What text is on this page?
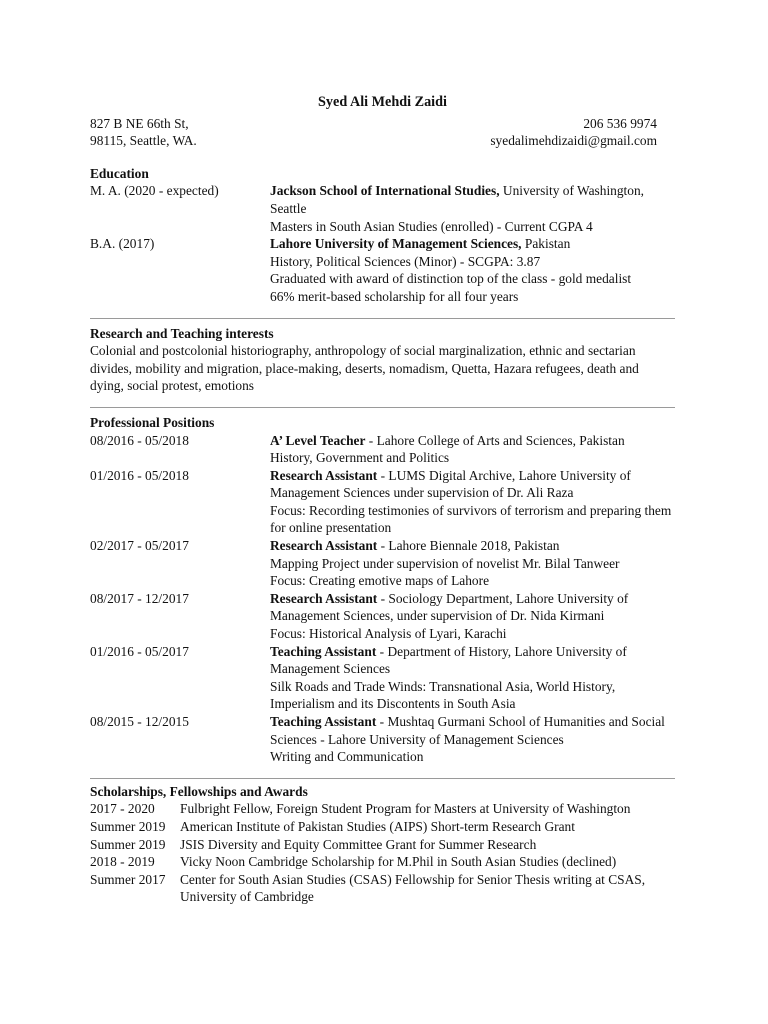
Syed Ali Mehdi Zaidi
827 B NE 66th St,
98115, Seattle, WA.
206 536 9974
syedalimehdizaidi@gmail.com
Education
M. A. (2020 - expected)	Jackson School of International Studies, University of Washington,
Seattle
Masters in South Asian Studies (enrolled) - Current CGPA 4
B.A. (2017)	Lahore University of Management Sciences, Pakistan
History, Political Sciences (Minor) - SCGPA: 3.87
Graduated with award of distinction top of the class - gold medalist
66% merit-based scholarship for all four years
Research and Teaching interests

Colonial and postcolonial historiography, anthropology of social marginalization, ethnic and sectarian divides, mobility and migration, place-making, deserts, nomadism, Quetta, Hazara refugees, death and dying, social protest, emotions

Professional Positions
08/2016 - 05/2018	A’ Level Teacher - Lahore College of Arts and Sciences, Pakistan
History, Government and Politics
01/2016 - 05/2018	Research Assistant - LUMS Digital Archive, Lahore University of Management Sciences under supervision of Dr. Ali Raza
Focus: Recording testimonies of survivors of terrorism and preparing them for online presentation
02/2017 - 05/2017	Research Assistant - Lahore Biennale 2018, Pakistan
Mapping Project under supervision of novelist Mr. Bilal Tanweer
Focus: Creating emotive maps of Lahore
08/2017 - 12/2017	Research Assistant - Sociology Department, Lahore University of Management Sciences, under supervision of Dr. Nida Kirmani
Focus: Historical Analysis of Lyari, Karachi
01/2016 - 05/2017	Teaching Assistant - Department of History, Lahore University of Management Sciences
Silk Roads and Trade Winds: Transnational Asia, World History, Imperialism and its Discontents in South Asia
08/2015 - 12/2015	Teaching Assistant - Mushtaq Gurmani School of Humanities and Social Sciences - Lahore University of Management Sciences
Writing and Communication
Scholarships, Fellowships and Awards
2017 - 2020	Fulbright Fellow, Foreign Student Program for Masters at University of Washington
Summer 2019	American Institute of Pakistan Studies (AIPS) Short-term Research Grant
Summer 2019	JSIS Diversity and Equity Committee Grant for Summer Research
2018 - 2019	Vicky Noon Cambridge Scholarship for M.Phil in South Asian Studies (declined)
Summer 2017	Center for South Asian Studies (CSAS) Fellowship for Senior Thesis writing at CSAS, University of Cambridge
